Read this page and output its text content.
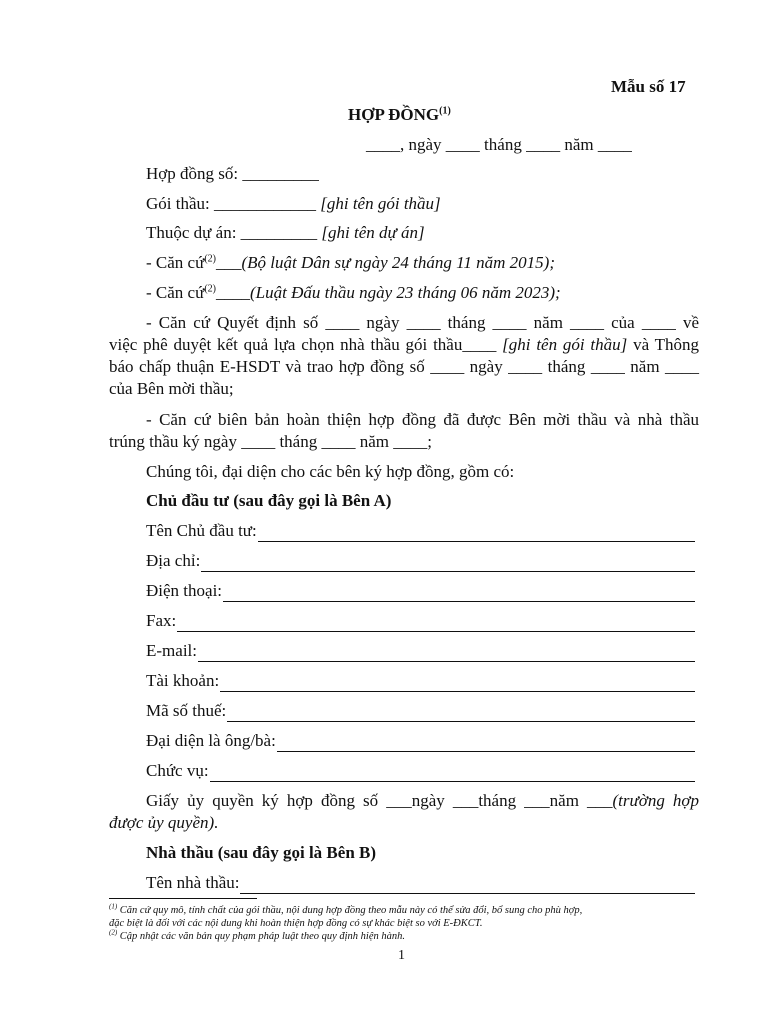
Mẫu số 17
HỢP ĐỒNG$^{(1)}$
____, ngày ____ tháng ____ năm ____
Hợp đồng số: _________
Gói thầu: ____________ [ghi tên gói thầu]
Thuộc dự án: _________ [ghi tên dự án]
- Căn cứ$^{(2)}$___(Bộ luật Dân sự ngày 24 tháng 11 năm 2015);
- Căn cứ$^{(2)}$____(Luật Đấu thầu ngày 23 tháng 06 năm 2023);
- Căn cứ Quyết định số ____ ngày ____ tháng ____ năm ____ của ____ về
việc phê duyệt kết quả lựa chọn nhà thầu gói thầu____ [ghi tên gói thầu] và Thông
báo chấp thuận E-HSDT và trao hợp đồng số ____ ngày ____ tháng ____ năm ____
của Bên mời thầu;
- Căn cứ biên bản hoàn thiện hợp đồng đã được Bên mời thầu và nhà thầu
trúng thầu ký ngày ____ tháng ____ năm ____;
Chúng tôi, đại diện cho các bên ký hợp đồng, gồm có:
Chủ đầu tư (sau đây gọi là Bên A)
Tên Chủ đầu tư:
Địa chỉ:
Điện thoại:
Fax:
E-mail:
Tài khoản:
Mã số thuế:
Đại diện là ông/bà:
Chức vụ:
Giấy ủy quyền ký hợp đồng số ___ngày ___tháng ___năm ___(trường hợp
được ủy quyền).
Nhà thầu (sau đây gọi là Bên B)
Tên nhà thầu:
$^{(1)}$ Căn cứ quy mô, tính chất của gói thầu, nội dung hợp đồng theo mẫu này có thể sửa đổi, bổ sung cho phù hợp,
đặc biệt là đối với các nội dung khi hoàn thiện hợp đồng có sự khác biệt so với E-ĐKCT.
$^{(2)}$ Cập nhật các văn bản quy phạm pháp luật theo quy định hiện hành.
1
